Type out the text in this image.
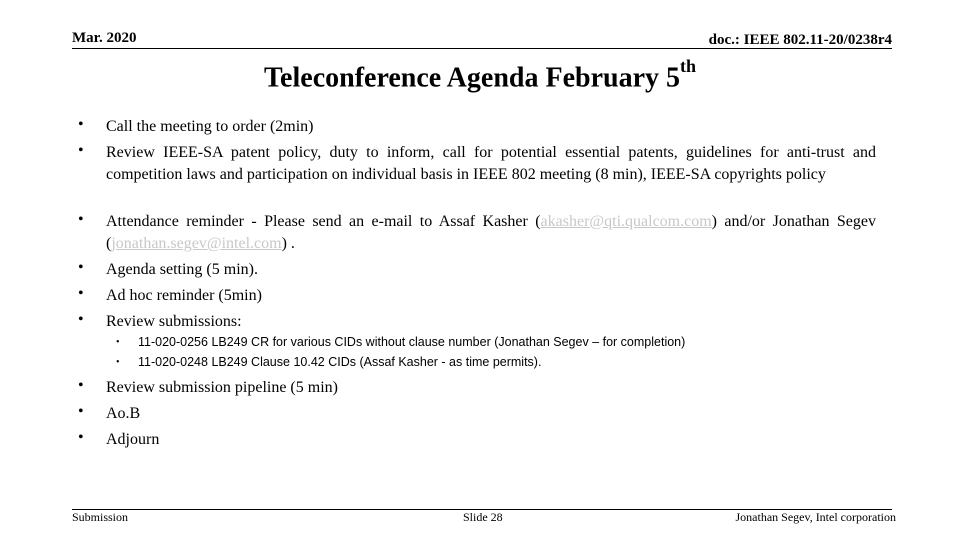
Mar. 2020	doc.: IEEE 802.11-20/0238r4
Teleconference Agenda February 5th
• Call the meeting to order (2min)
• Review IEEE-SA patent policy, duty to inform, call for potential essential patents, guidelines for anti-trust and competition laws and participation on individual basis in IEEE 802 meeting (8 min), IEEE-SA copyrights policy
• Attendance reminder - Please send an e-mail to Assaf Kasher (akasher@qti.qualcom.com) and/or Jonathan Segev (jonathan.segev@intel.com) .
• Agenda setting (5 min).
• Ad hoc reminder (5min)
• Review submissions:
• 11-020-0256 LB249 CR for various CIDs without clause number (Jonathan Segev – for completion)
• 11-020-0248 LB249 Clause 10.42 CIDs (Assaf Kasher - as time permits).
• Review submission pipeline (5 min)
• Ao.B
• Adjourn
Submission	Slide 28	Jonathan Segev, Intel corporation
